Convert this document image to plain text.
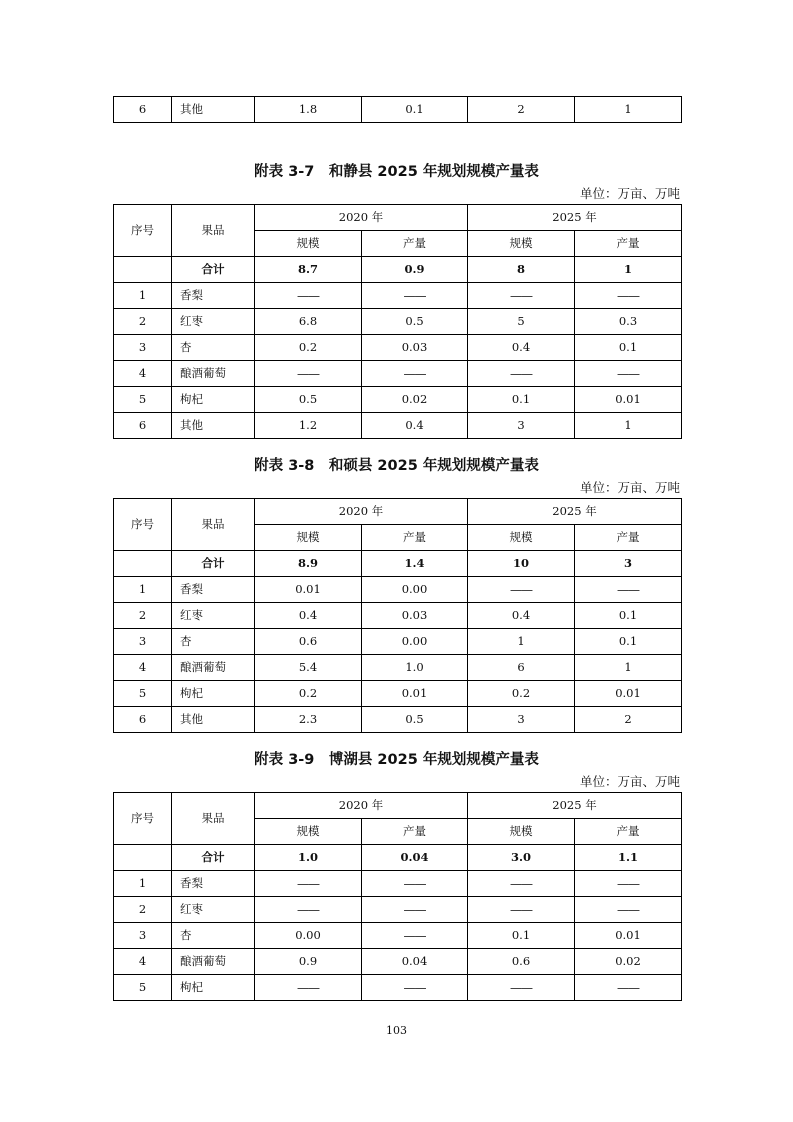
6	其他	1.8	0.1	2	1
附表 3-7　和静县 2025 年规划规模产量表
单位：万亩、万吨
序号	果品	2020 年		2025 年	
		规模	产量	规模	产量
	合计	8.7	0.9	8	1
1	香梨	——	——	——	——
2	红枣	6.8	0.5	5	0.3
3	杏	0.2	0.03	0.4	0.1
4	酿酒葡萄	——	——	——	——
5	枸杞	0.5	0.02	0.1	0.01
6	其他	1.2	0.4	3	1
附表 3-8　和硕县 2025 年规划规模产量表
单位：万亩、万吨
序号	果品	2020 年		2025 年	
		规模	产量	规模	产量
	合计	8.9	1.4	10	3
1	香梨	0.01	0.00	——	——
2	红枣	0.4	0.03	0.4	0.1
3	杏	0.6	0.00	1	0.1
4	酿酒葡萄	5.4	1.0	6	1
5	枸杞	0.2	0.01	0.2	0.01
6	其他	2.3	0.5	3	2
附表 3-9　博湖县 2025 年规划规模产量表
单位：万亩、万吨
序号	果品	2020 年		2025 年	
		规模	产量	规模	产量
	合计	1.0	0.04	3.0	1.1
1	香梨	——	——	——	——
2	红枣	——	——	——	——
3	杏	0.00	——	0.1	0.01
4	酿酒葡萄	0.9	0.04	0.6	0.02
5	枸杞	——	——	——	——
103
